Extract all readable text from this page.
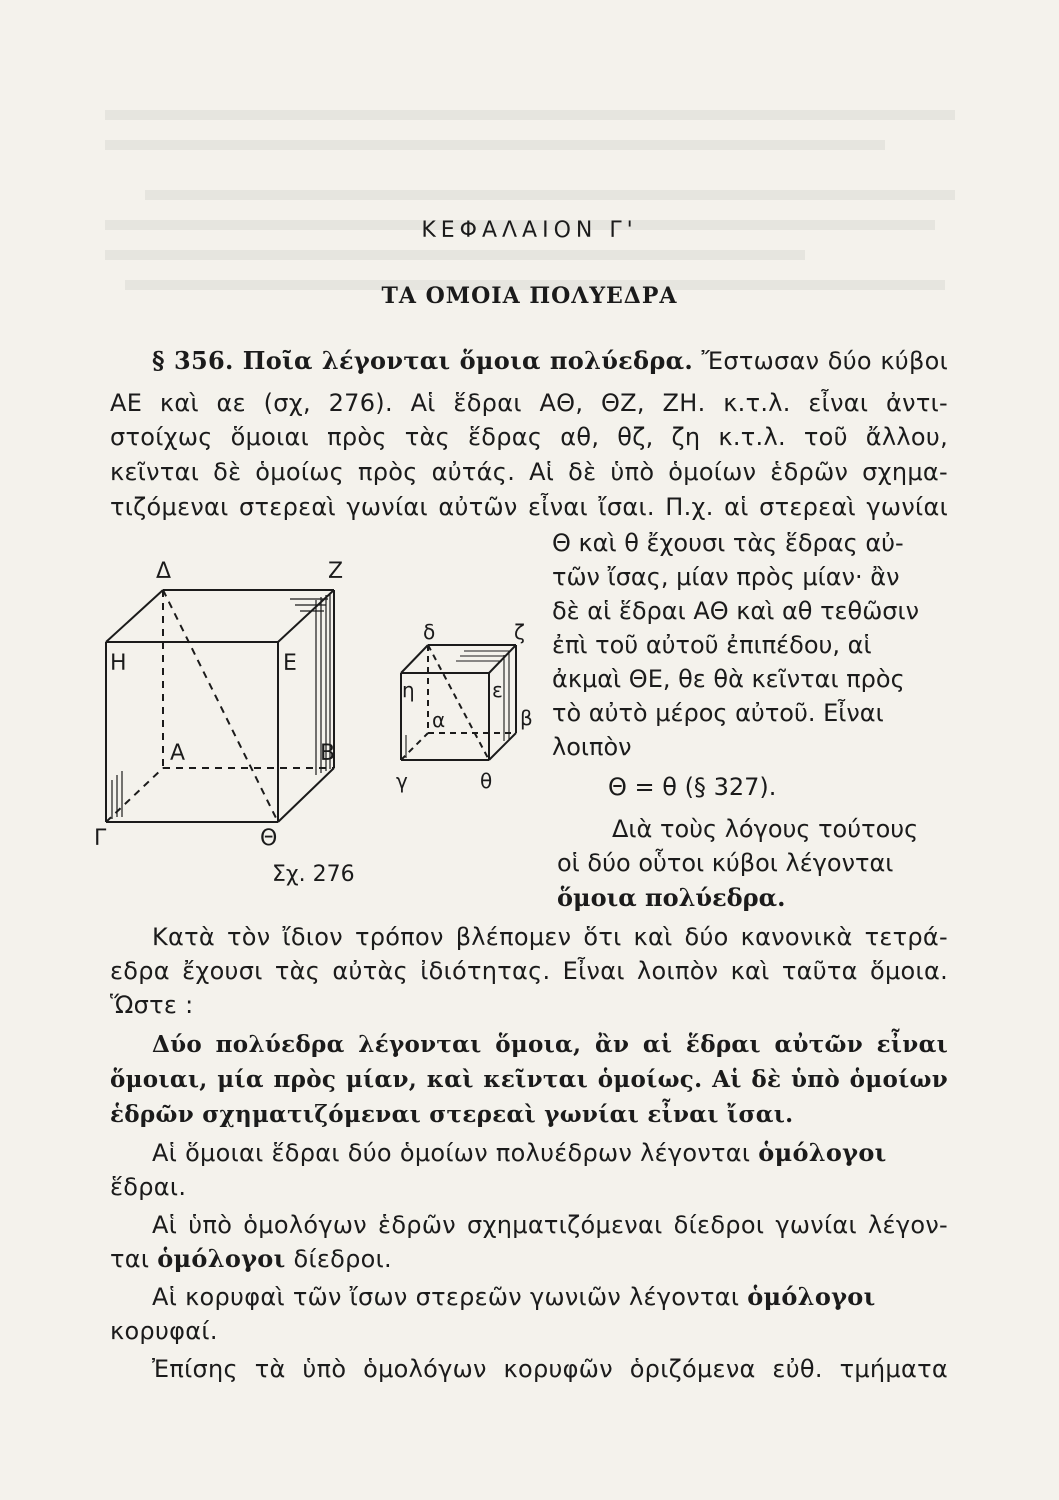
ΚΕΦΑΛΑΙΟΝ Γ'
ΤΑ ΟΜΟΙΑ ΠΟΛΥΕΔΡΑ
§ 356. Ποῖα λέγονται ὅμοια πολύεδρα. Ἔστωσαν δύο κύβοι
ΑΕ καὶ αε (σχ, 276). Αἱ ἕδραι ΑΘ, ΘΖ, ΖΗ. κ.τ.λ. εἶναι ἀντι-
στοίχως ὅμοιαι πρὸς τὰς ἕδρας αθ, θζ, ζη κ.τ.λ. τοῦ ἄλλου,
κεῖνται δὲ ὁμοίως πρὸς αὐτάς. Αἱ δὲ ὑπὸ ὁμοίων ἑδρῶν σχημα-
τιζόμεναι στερεαὶ γωνίαι αὐτῶν εἶναι ἴσαι. Π.χ. αἱ στερεαὶ γωνίαι
Θ καὶ θ ἔχουσι τὰς ἕδρας αὐ-
τῶν ἴσας, μίαν πρὸς μίαν· ἂν
δὲ αἱ ἕδραι ΑΘ καὶ αθ τεθῶσιν
ἐπὶ τοῦ αὐτοῦ ἐπιπέδου, αἱ
ἀκμαὶ ΘΕ, θε θὰ κεῖνται πρὸς
τὸ αὐτὸ μέρος αὐτοῦ. Εἶναι
λοιπὸν
Θ = θ (§ 327).
Διὰ τοὺς λόγους τούτους
οἱ δύο οὗτοι κύβοι λέγονται
ὅμοια πολύεδρα.
Δ	Ζ
Η	Ε
Α	Β
Γ	Θ
δ	ζ
η	ε
α	β
γ	θ
Σχ. 276
Κατὰ τὸν ἴδιον τρόπον βλέπομεν ὅτι καὶ δύο κανονικὰ τετρά-
εδρα ἔχουσι τὰς αὐτὰς ἰδιότητας. Εἶναι λοιπὸν καὶ ταῦτα ὅμοια.
Ὥστε :
Δύο πολύεδρα λέγονται ὅμοια, ἂν αἱ ἕδραι αὐτῶν εἶναι
ὅμοιαι, μία πρὸς μίαν, καὶ κεῖνται ὁμοίως. Αἱ δὲ ὑπὸ ὁμοίων
ἑδρῶν σχηματιζόμεναι στερεαὶ γωνίαι εἶναι ἴσαι.
Αἱ ὅμοιαι ἕδραι δύο ὁμοίων πολυέδρων λέγονται ὁμόλογοι
ἕδραι.
Αἱ ὑπὸ ὁμολόγων ἑδρῶν σχηματιζόμεναι δίεδροι γωνίαι λέγον-
ται ὁμόλογοι δίεδροι.
Αἱ κορυφαὶ τῶν ἴσων στερεῶν γωνιῶν λέγονται ὁμόλογοι
κορυφαί.
Ἐπίσης τὰ ὑπὸ ὁμολόγων κορυφῶν ὁριζόμενα εὐθ. τμήματα
